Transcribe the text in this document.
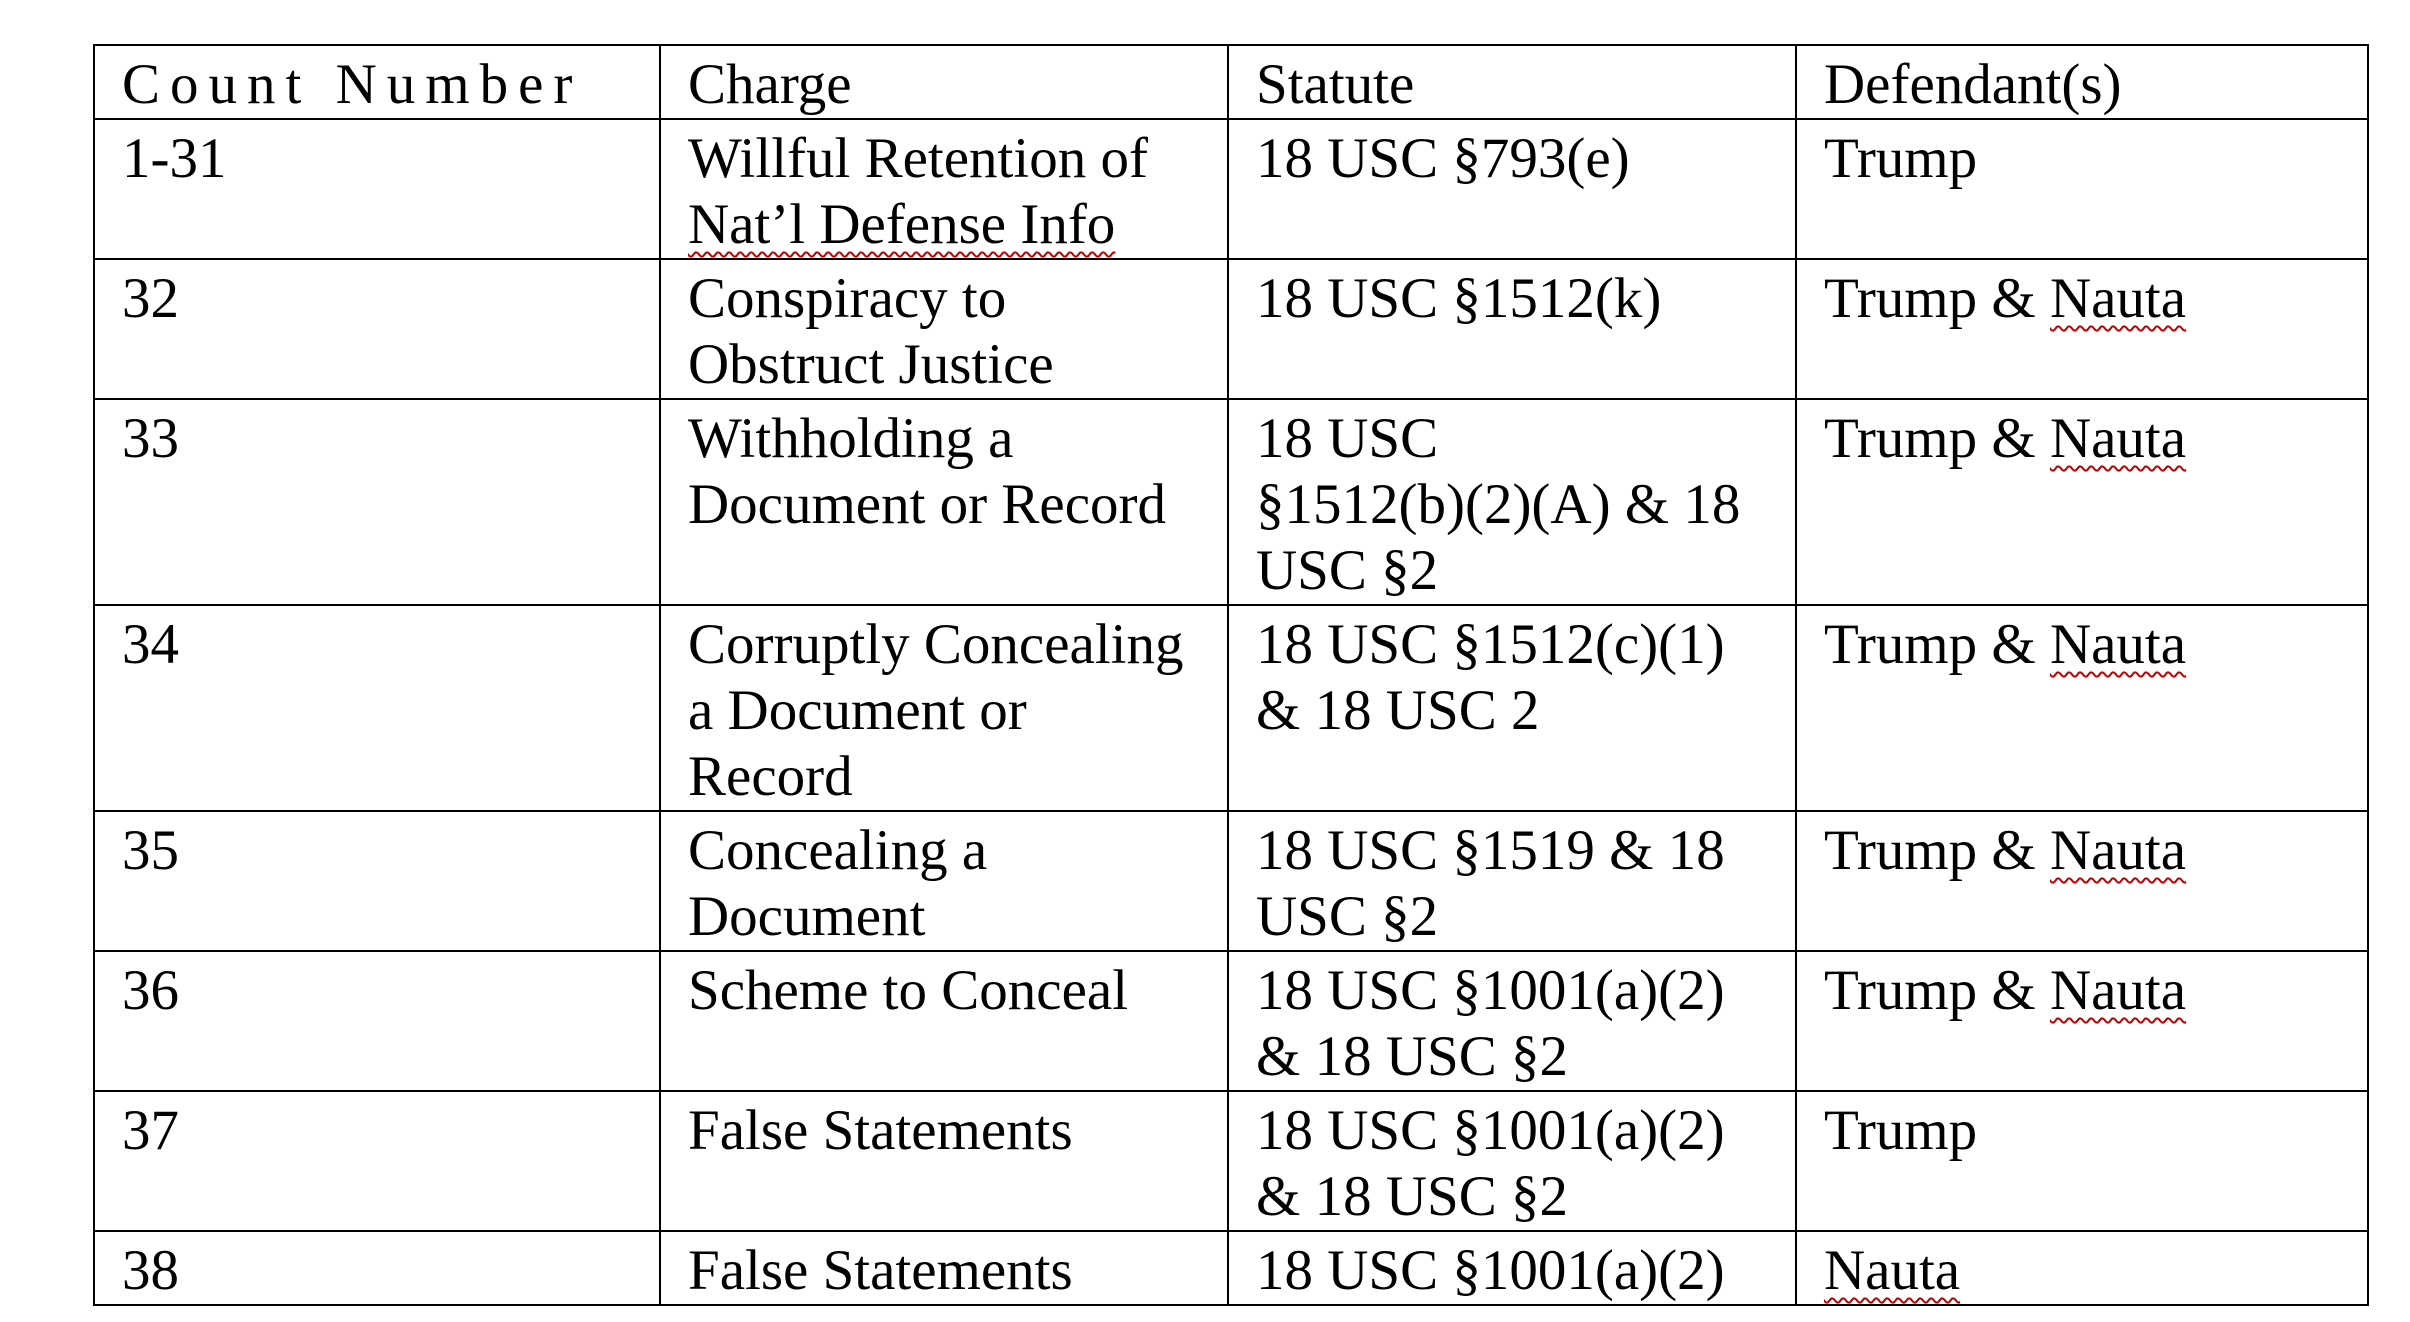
Count Number	Charge	Statute	Defendant(s)

1-31	Willful Retention of
Nat’l Defense Info	18 USC §793(e)	Trump

32	Conspiracy to
Obstruct Justice	18 USC §1512(k)	Trump & Nauta

33	Withholding a
Document or Record	18 USC
§1512(b)(2)(A) & 18
USC §2	Trump & Nauta

34	Corruptly Concealing
a Document or
Record	18 USC §1512(c)(1)
& 18 USC 2	Trump & Nauta

35	Concealing a
Document	18 USC §1519 & 18
USC §2	Trump & Nauta

36	Scheme to Conceal	18 USC §1001(a)(2)
& 18 USC §2	Trump & Nauta

37	False Statements	18 USC §1001(a)(2)
& 18 USC §2	Trump

38	False Statements	18 USC §1001(a)(2)	Nauta
